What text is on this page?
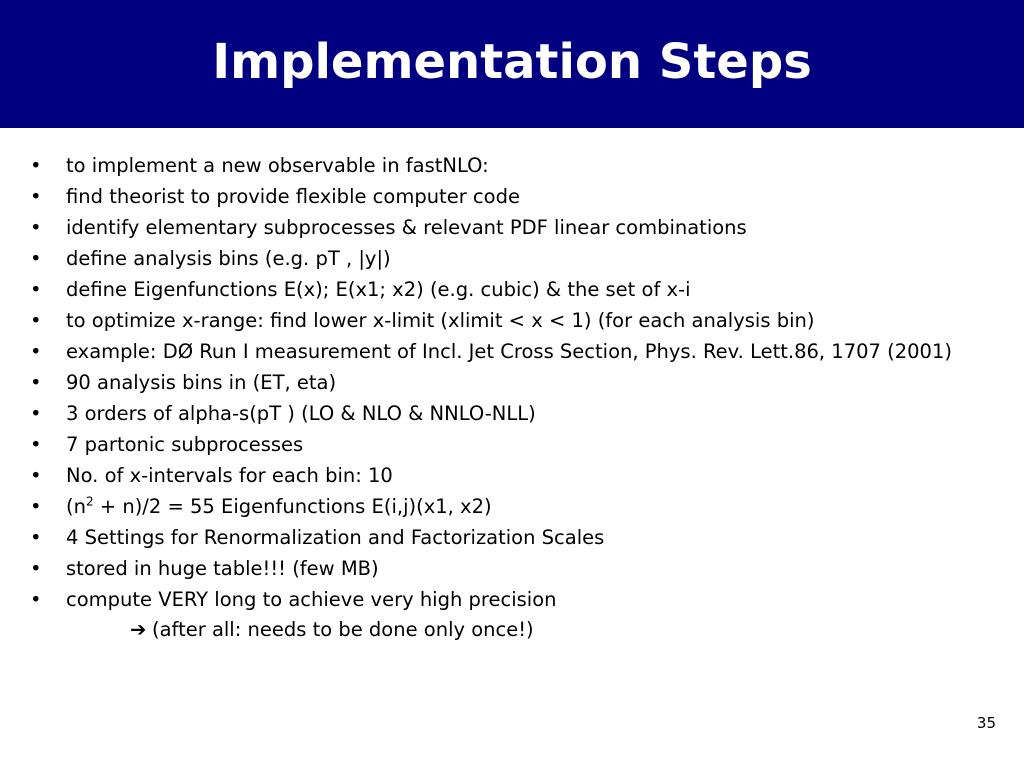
Implementation Steps
•	to implement a new observable in fastNLO:
•	find theorist to provide flexible computer code
•	identify elementary subprocesses & relevant PDF linear combinations
•	define analysis bins (e.g. pT , |y|)
•	define Eigenfunctions E(x); E(x1; x2) (e.g. cubic) & the set of x-i
•	to optimize x-range: find lower x-limit (xlimit < x < 1) (for each analysis bin)
•	example: DØ Run I measurement of Incl. Jet Cross Section, Phys. Rev. Lett.86, 1707 (2001)
•	90 analysis bins in (ET, eta)
•	3 orders of alpha-s(pT ) (LO & NLO & NNLO-NLL)
•	7 partonic subprocesses
•	No. of x-intervals for each bin: 10
•	$(n^2 + n)/2 = 55$ Eigenfunctions E(i,j)(x1, x2)
•	4 Settings for Renormalization and Factorization Scales
•	stored in huge table!!! (few MB)
•	compute VERY long to achieve very high precision
➔ (after all: needs to be done only once!)
35
